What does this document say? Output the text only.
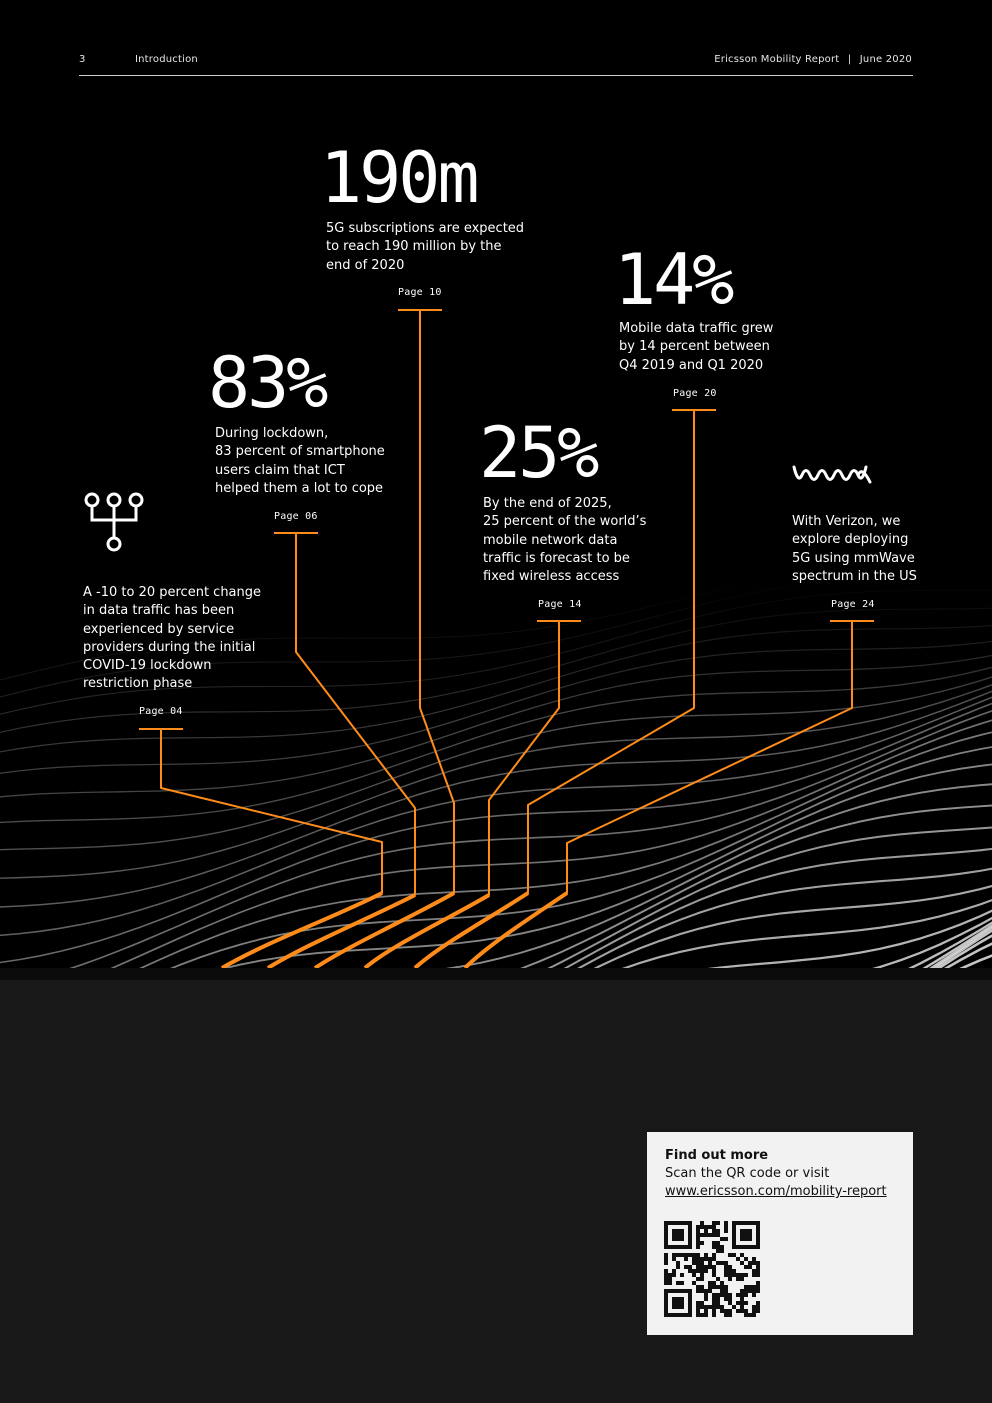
3	Introduction	Ericsson Mobility Report | June 2020
A -10 to 20 percent change
in data traffic has been
experienced by service
providers during the initial
COVID-19 lockdown
restriction phase
Page 04
83%
During lockdown,
83 percent of smartphone
users claim that ICT
helped them a lot to cope
Page 06
190m
5G subscriptions are expected
to reach 190 million by the
end of 2020
Page 10
25%
By the end of 2025,
25 percent of the world’s
mobile network data
traffic is forecast to be
fixed wireless access
Page 14
14%
Mobile data traffic grew
by 14 percent between
Q4 2019 and Q1 2020
Page 20
With Verizon, we
explore deploying
5G using mmWave
spectrum in the US
Page 24
Find out more
Scan the QR code or visit
www.ericsson.com/mobility-report
